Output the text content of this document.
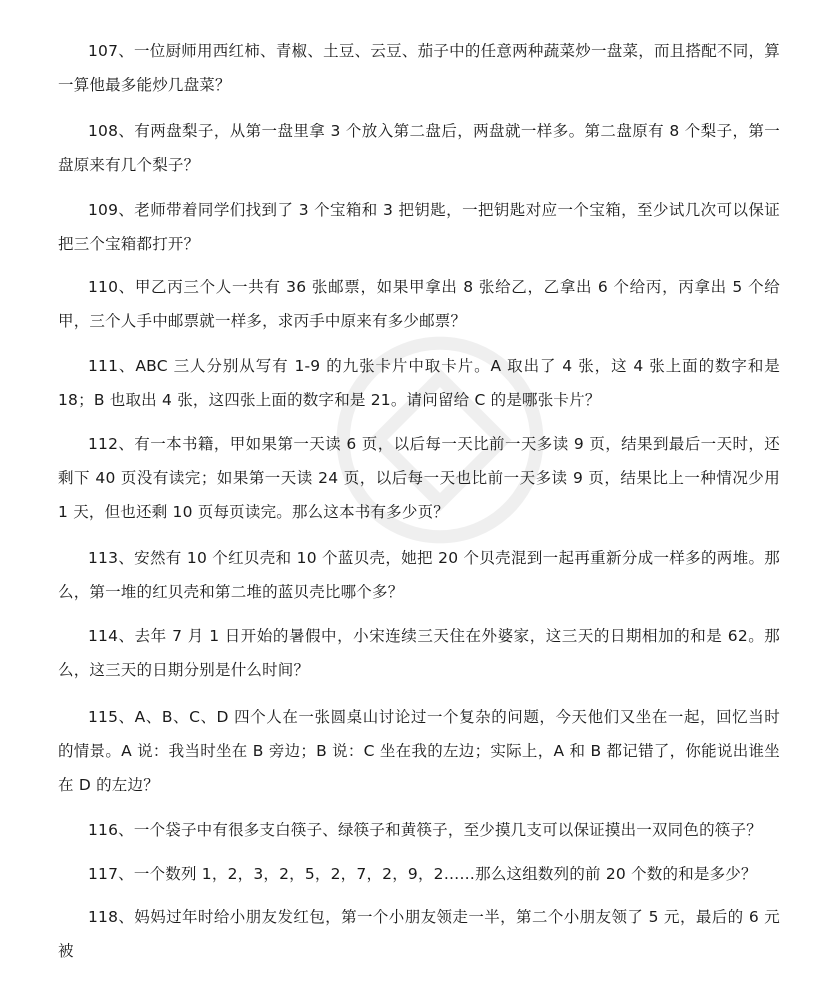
107、一位厨师用西红柿、青椒、土豆、云豆、茄子中的任意两种蔬菜炒一盘菜，而且搭配不同，算一算他最多能炒几盘菜？

108、有两盘梨子，从第一盘里拿 3 个放入第二盘后，两盘就一样多。第二盘原有 8 个梨子，第一盘原来有几个梨子？

109、老师带着同学们找到了 3 个宝箱和 3 把钥匙，一把钥匙对应一个宝箱，至少试几次可以保证把三个宝箱都打开？

110、甲乙丙三个人一共有 36 张邮票，如果甲拿出 8 张给乙，乙拿出 6 个给丙，丙拿出 5 个给甲，三个人手中邮票就一样多，求丙手中原来有多少邮票？

111、ABC 三人分别从写有 1-9 的九张卡片中取卡片。A 取出了 4 张，这 4 张上面的数字和是 18；B 也取出 4 张，这四张上面的数字和是 21。请问留给 C 的是哪张卡片？

112、有一本书籍，甲如果第一天读 6 页，以后每一天比前一天多读 9 页，结果到最后一天时，还剩下 40 页没有读完；如果第一天读 24 页，以后每一天也比前一天多读 9 页，结果比上一种情况少用 1 天，但也还剩 10 页每页读完。那么这本书有多少页？

113、安然有 10 个红贝壳和 10 个蓝贝壳，她把 20 个贝壳混到一起再重新分成一样多的两堆。那么，第一堆的红贝壳和第二堆的蓝贝壳比哪个多？

114、去年 7 月 1 日开始的暑假中，小宋连续三天住在外婆家，这三天的日期相加的和是 62。那么，这三天的日期分别是什么时间？

115、A、B、C、D 四个人在一张圆桌山讨论过一个复杂的问题，今天他们又坐在一起，回忆当时的情景。A 说：我当时坐在 B 旁边；B 说：C 坐在我的左边；实际上，A 和 B 都记错了，你能说出谁坐在 D 的左边？

116、一个袋子中有很多支白筷子、绿筷子和黄筷子，至少摸几支可以保证摸出一双同色的筷子？

117、一个数列 1，2，3，2，5，2，7，2，9，2……那么这组数列的前 20 个数的和是多少？

118、妈妈过年时给小朋友发红包，第一个小朋友领走一半，第二个小朋友领了 5 元，最后的 6 元被
